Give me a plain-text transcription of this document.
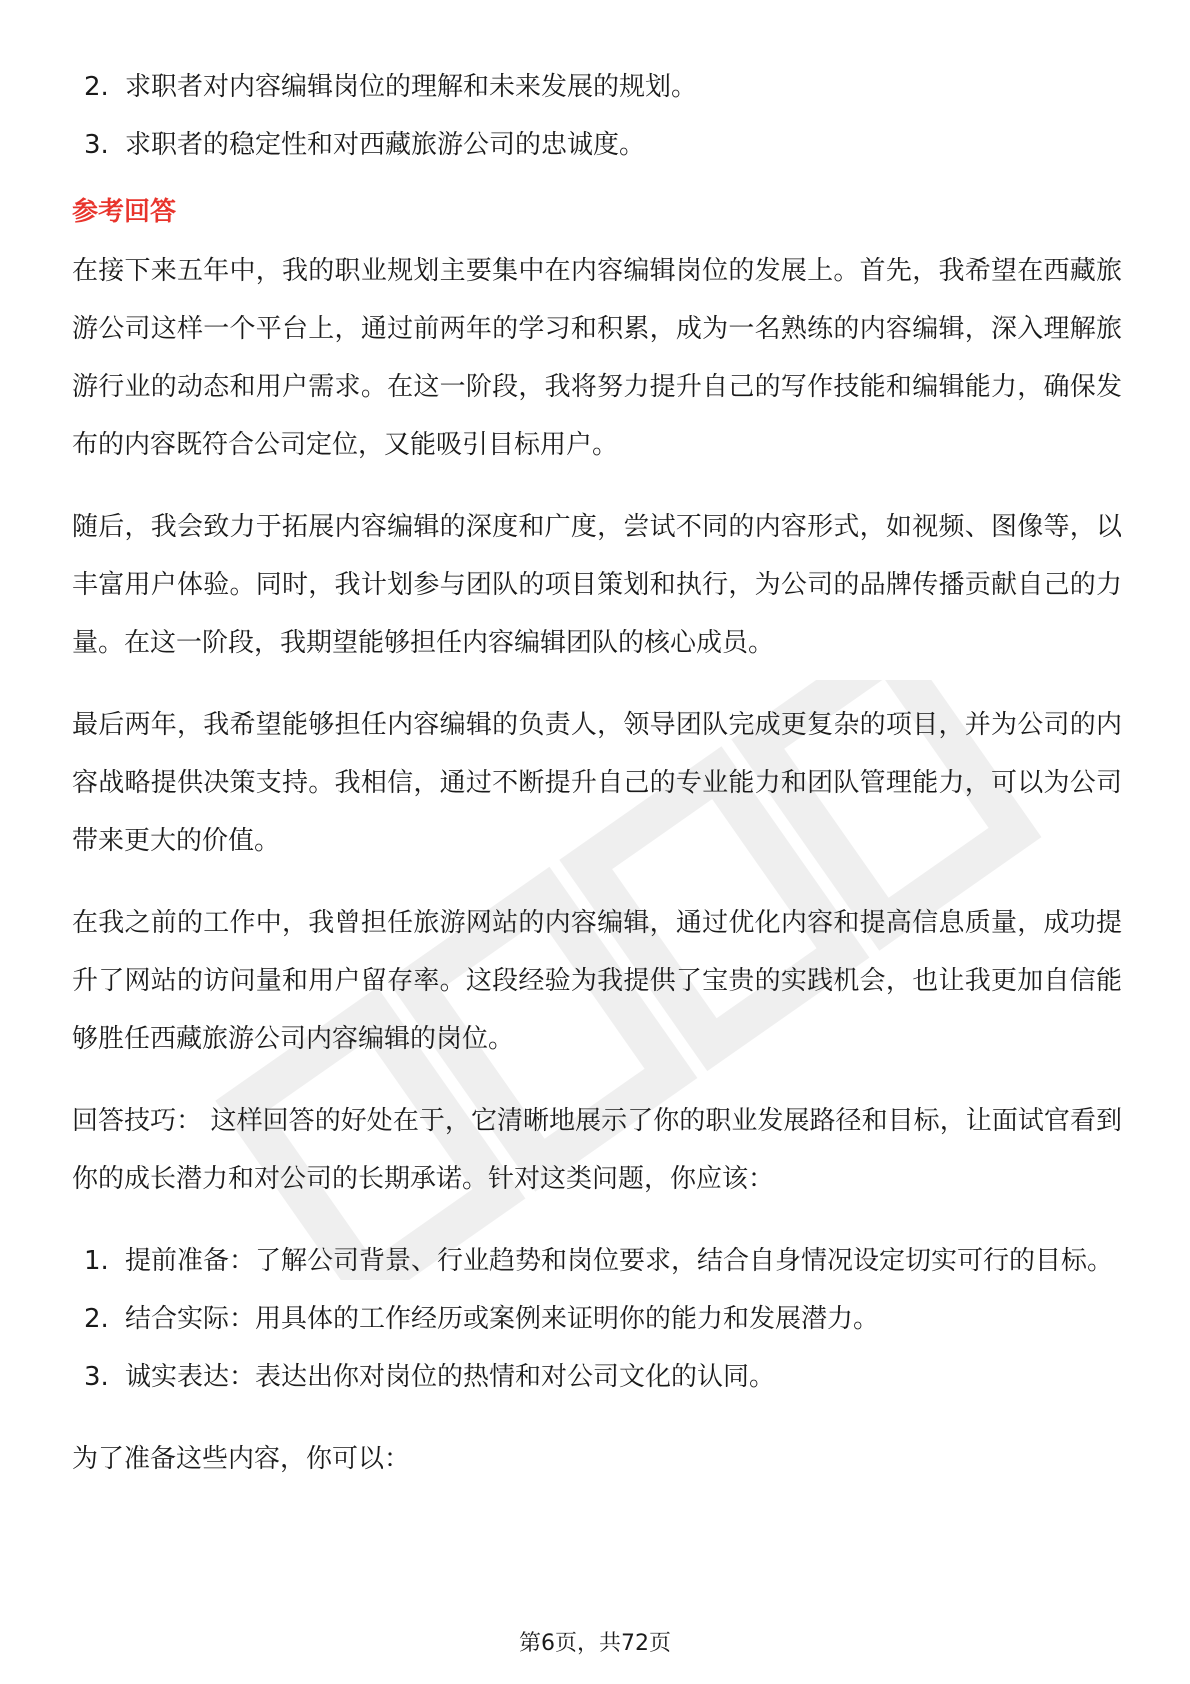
2. 求职者对内容编辑岗位的理解和未来发展的规划。
3. 求职者的稳定性和对西藏旅游公司的忠诚度。
参考回答

在接下来五年中，我的职业规划主要集中在内容编辑岗位的发展上。首先，我希望在西藏旅游公司这样一个平台上，通过前两年的学习和积累，成为一名熟练的内容编辑，深入理解旅游行业的动态和用户需求。在这一阶段，我将努力提升自己的写作技能和编辑能力，确保发布的内容既符合公司定位，又能吸引目标用户。

随后，我会致力于拓展内容编辑的深度和广度，尝试不同的内容形式，如视频、图像等，以丰富用户体验。同时，我计划参与团队的项目策划和执行，为公司的品牌传播贡献自己的力量。在这一阶段，我期望能够担任内容编辑团队的核心成员。

最后两年，我希望能够担任内容编辑的负责人，领导团队完成更复杂的项目，并为公司的内容战略提供决策支持。我相信，通过不断提升自己的专业能力和团队管理能力，可以为公司带来更大的价值。

在我之前的工作中，我曾担任旅游网站的内容编辑，通过优化内容和提高信息质量，成功提升了网站的访问量和用户留存率。这段经验为我提供了宝贵的实践机会，也让我更加自信能够胜任西藏旅游公司内容编辑的岗位。

回答技巧： 这样回答的好处在于，它清晰地展示了你的职业发展路径和目标，让面试官看到你的成长潜力和对公司的长期承诺。针对这类问题，你应该：

1. 提前准备：了解公司背景、行业趋势和岗位要求，结合自身情况设定切实可行的目标。
2. 结合实际：用具体的工作经历或案例来证明你的能力和发展潜力。
3. 诚实表达：表达出你对岗位的热情和对公司文化的认同。

为了准备这些内容，你可以：

第6页，共72页
